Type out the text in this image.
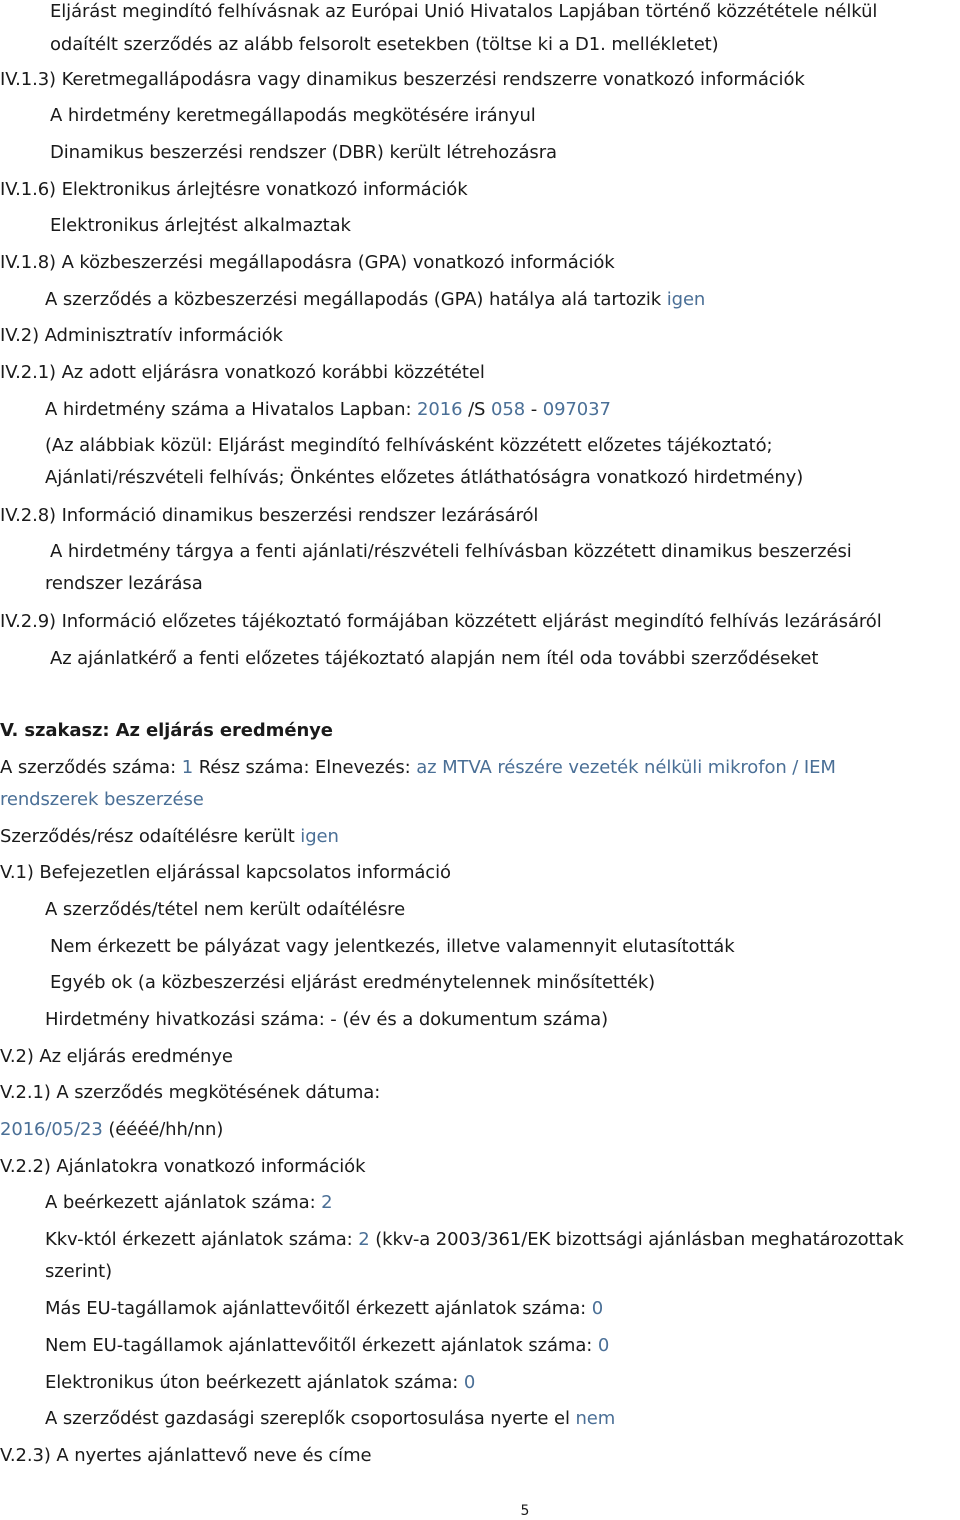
Eljárást megindító felhívásnak az Európai Unió Hivatalos Lapjában történő közzététele nélkül
odaítélt szerződés az alább felsorolt esetekben (töltse ki a D1. mellékletet)
IV.1.3) Keretmegallápodásra vagy dinamikus beszerzési rendszerre vonatkozó információk
A hirdetmény keretmegállapodás megkötésére irányul
Dinamikus beszerzési rendszer (DBR) került létrehozásra
IV.1.6) Elektronikus árlejtésre vonatkozó információk
Elektronikus árlejtést alkalmaztak
IV.1.8) A közbeszerzési megállapodásra (GPA) vonatkozó információk
A szerződés a közbeszerzési megállapodás (GPA) hatálya alá tartozik igen
IV.2) Adminisztratív információk
IV.2.1) Az adott eljárásra vonatkozó korábbi közzététel
A hirdetmény száma a Hivatalos Lapban: 2016 /S 058 - 097037
(Az alábbiak közül: Eljárást megindító felhívásként közzétett előzetes tájékoztató;
Ajánlati/részvételi felhívás; Önkéntes előzetes átláthatóságra vonatkozó hirdetmény)
IV.2.8) Információ dinamikus beszerzési rendszer lezárásáról
A hirdetmény tárgya a fenti ajánlati/részvételi felhívásban közzétett dinamikus beszerzési
rendszer lezárása
IV.2.9) Információ előzetes tájékoztató formájában közzétett eljárást megindító felhívás lezárásáról
Az ajánlatkérő a fenti előzetes tájékoztató alapján nem ítél oda további szerződéseket
V. szakasz: Az eljárás eredménye
A szerződés száma: 1 Rész száma: Elnevezés: az MTVA részére vezeték nélküli mikrofon / IEM
rendszerek beszerzése
Szerződés/rész odaítélésre került igen
V.1) Befejezetlen eljárással kapcsolatos információ
A szerződés/tétel nem került odaítélésre
Nem érkezett be pályázat vagy jelentkezés, illetve valamennyit elutasították
Egyéb ok (a közbeszerzési eljárást eredménytelennek minősítették)
Hirdetmény hivatkozási száma: - (év és a dokumentum száma)
V.2) Az eljárás eredménye
V.2.1) A szerződés megkötésének dátuma:
2016/05/23 (éééé/hh/nn)
V.2.2) Ajánlatokra vonatkozó információk
A beérkezett ajánlatok száma: 2
Kkv-któl érkezett ajánlatok száma: 2 (kkv-a 2003/361/EK bizottsági ajánlásban meghatározottak
szerint)
Más EU-tagállamok ajánlattevőitől érkezett ajánlatok száma: 0
Nem EU-tagállamok ajánlattevőitől érkezett ajánlatok száma: 0
Elektronikus úton beérkezett ajánlatok száma: 0
A szerződést gazdasági szereplők csoportosulása nyerte el nem
V.2.3) A nyertes ajánlattevő neve és címe
5
